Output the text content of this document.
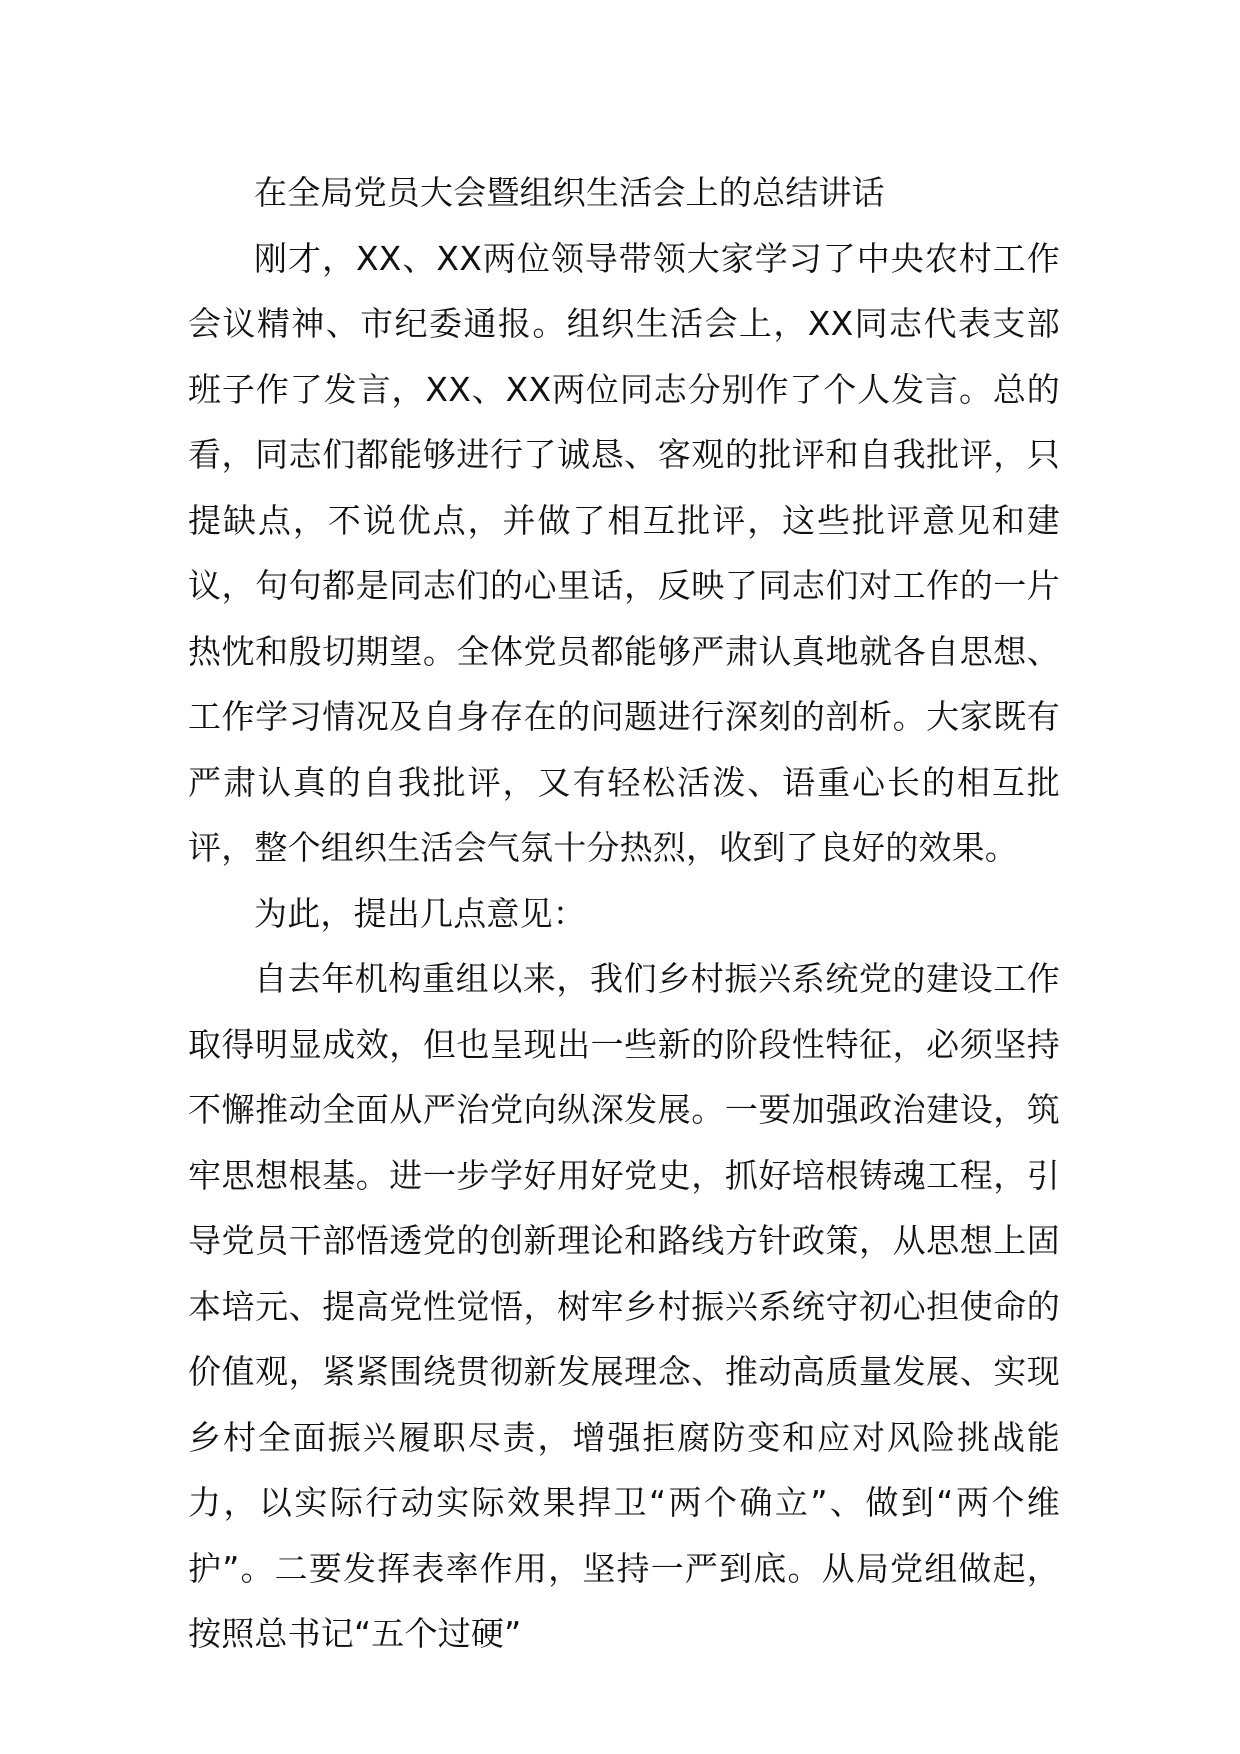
在全局党员大会暨组织生活会上的总结讲话

刚才，XX、XX两位领导带领大家学习了中央农村工作会议精神、市纪委通报。组织生活会上，XX同志代表支部班子作了发言，XX、XX两位同志分别作了个人发言。总的看，同志们都能够进行了诚恳、客观的批评和自我批评，只提缺点，不说优点，并做了相互批评，这些批评意见和建议，句句都是同志们的心里话，反映了同志们对工作的一片热忱和殷切期望。全体党员都能够严肃认真地就各自思想、工作学习情况及自身存在的问题进行深刻的剖析。大家既有严肃认真的自我批评，又有轻松活泼、语重心长的相互批评，整个组织生活会气氛十分热烈，收到了良好的效果。

为此，提出几点意见：

自去年机构重组以来，我们乡村振兴系统党的建设工作取得明显成效，但也呈现出一些新的阶段性特征，必须坚持不懈推动全面从严治党向纵深发展。一要加强政治建设，筑牢思想根基。进一步学好用好党史，抓好培根铸魂工程，引导党员干部悟透党的创新理论和路线方针政策，从思想上固本培元、提高党性觉悟，树牢乡村振兴系统守初心担使命的价值观，紧紧围绕贯彻新发展理念、推动高质量发展、实现乡村全面振兴履职尽责，增强拒腐防变和应对风险挑战能力，以实际行动实际效果捍卫“两个确立”、做到“两个维护”。二要发挥表率作用，坚持一严到底。从局党组做起，按照总书记“五个过硬”
